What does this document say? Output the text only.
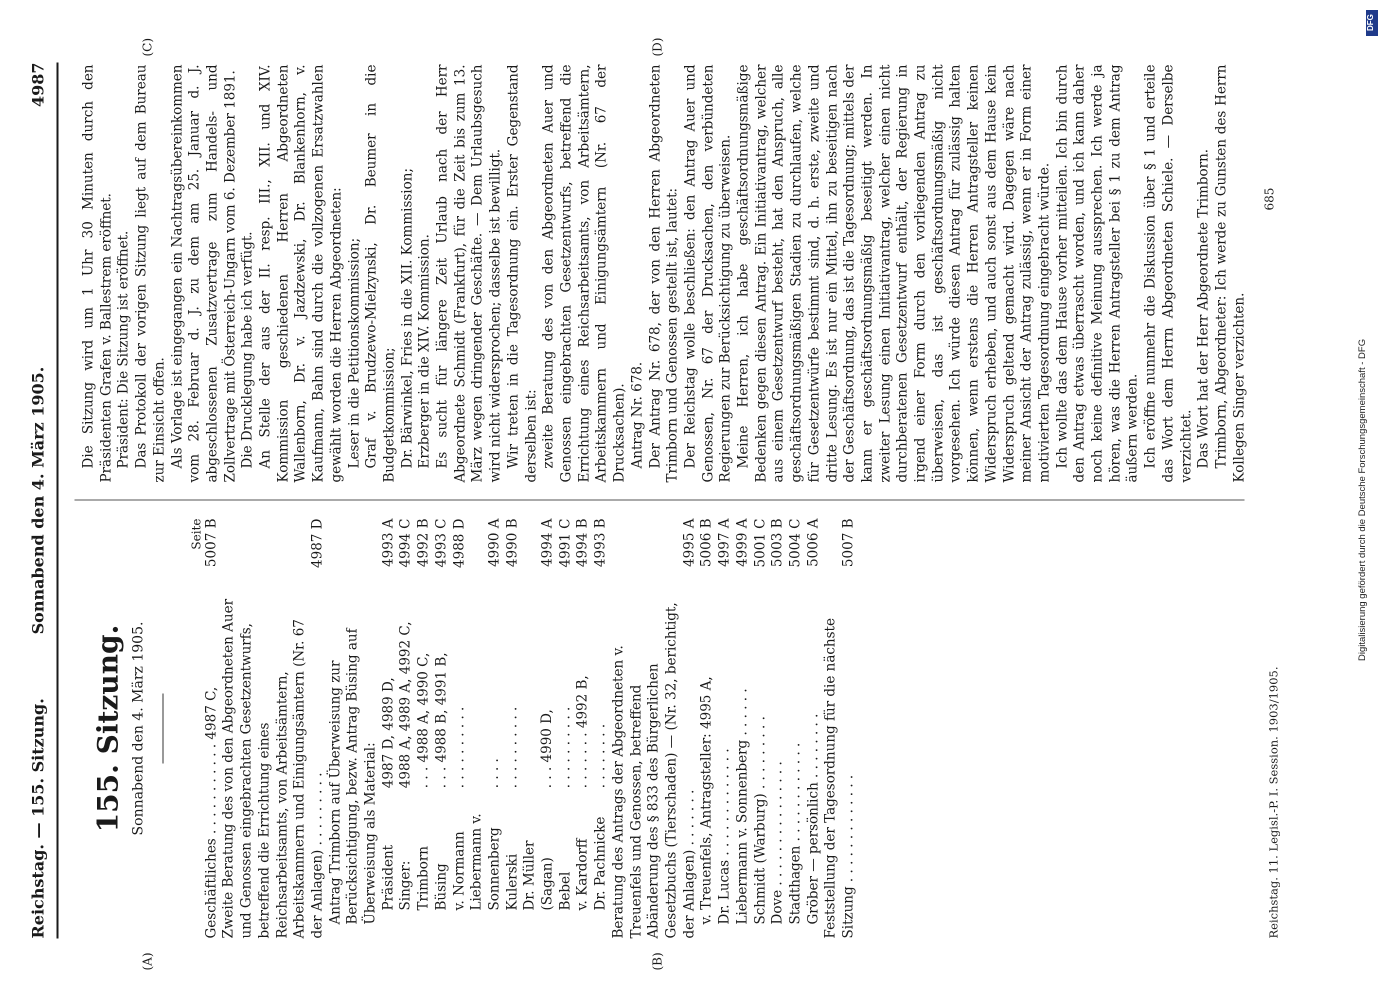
Reichstag. — 155. Sitzung.
Sonnabend den 4. März 1905.
4987
(A)	(B)
(C)	(D)
155. Sitzung. Sonnabend den 4. März 1905.
Seite
Geschäftliches . . . . . . . . . . . 4987 C,
5007 B
Zweite Beratung des von den Abgeordneten Auer und Genossen eingebrachten Gesetzentwurfs, betreffend die Errichtung eines Reichsarbeitsamts, von Arbeitsämtern, Arbeitskammern und Einigungsämtern (Nr. 67 der Anlagen) . . . . . . . . .
4987 D
Antrag Trimborn auf Überweisung zur Berücksichtigung, bezw. Antrag Büsing auf Überweisung als Material: Präsident 4987 D, 4989 D,
4993 A
Singer: 4988 A, 4989 A, 4992 C,
4994 C
Trimborn . . . 4988 A, 4990 C,
4992 B
Büsing . . . 4988 B, 4991 B,
4993 C
v. Normann . . . . . . . . . .
4988 D
Liebermann v. Sonnenberg . . . .
4990 A
Kulerski . . . . . . . . . .
4990 B
Dr. Müller (Sagan) . . . 4990 D,
4994 A
Bebel . . . . . . . . . .
4991 C
v. Kardorff . . . . . . . 4992 B,
4994 B
Dr. Pachnicke . . . . . . . .
4993 B
Beratung des Antrags der Abgeordneten v. Treuenfels und Genossen, betreffend Abänderung des § 833 des Bürgerlichen Gesetzbuchs (Tierschaden) — (Nr. 32, berichtigt, der Anlagen) . . . . . . .
4995 A
v. Treuenfels, Antragsteller: 4995 A,
5006 B
Dr. Lucas . . . . . . . . . . . . .
4997 A
Liebermann v. Sonnenberg . . . . . .
4999 A
Schmidt (Warburg) . . . . . . . . .
5001 C
Dove . . . . . . . . . . . . . . .
5003 B
Stadthagen . . . . . . . . . . . .
5004 C
Gröber — persönlich . . . . . . . .
5006 A
Feststellung der Tagesordnung für die nächste Sitzung . . . . . . . . . . . . .
5007 B
Reichstag. 11. Legisl.-P. I. Session. 1903/1905.
Die Sitzung wird um 1 Uhr 30 Minuten durch den Präsidenten Grafen v. Ballestrem eröffnet. Präsident: Die Sitzung ist eröffnet. Das Protokoll der vorigen Sitzung liegt auf dem Bureau zur Einsicht offen. Als Vorlage ist eingegangen ein Nachtragsübereinkommen vom 28. Februar d. J. zu dem am 25. Januar d. J. abgeschlossenen Zusatzvertrage zum Handels- und Zollvertrage mit Österreich-Ungarn vom 6. Dezember 1891. Die Drucklegung habe ich verfügt. An Stelle der aus der II. resp. III., XII. und XIV. Kommission geschiedenen Herren Abgeordneten Wallenborn, Dr. v. Jazdzewski, Dr. Blankenhorn, v. Kaufmann, Bahn sind durch die vollzogenen Ersatzwahlen gewählt worden die Herren Abgeordneten: Leser in die Petitionskommission; Graf v. Brudzewo-Mielzynski, Dr. Beumer in die Budgetkommission; Dr. Bärwinkel, Fries in die XII. Kommission; Erzberger in die XIV. Kommission. Es sucht für längere Zeit Urlaub nach der Herr Abgeordnete Schmidt (Frankfurt), für die Zeit bis zum 13. März wegen dringender Geschäfte. — Dem Urlaubsgesuch wird nicht widersprochen; dasselbe ist bewilligt. Wir treten in die Tagesordnung ein. Erster Gegenstand derselben ist: zweite Beratung des von den Abgeordneten Auer und Genossen eingebrachten Gesetzentwurfs, betreffend die Errichtung eines Reichsarbeitsamts, von Arbeitsämtern, Arbeitskammern und Einigungsämtern (Nr. 67 der Drucksachen). Antrag Nr. 678. Der Antrag Nr. 678, der von den Herren Abgeordneten Trimborn und Genossen gestellt ist, lautet: Der Reichstag wolle beschließen: den Antrag Auer und Genossen, Nr. 67 der Drucksachen, den verbündeten Regierungen zur Berücksichtigung zu überweisen. Meine Herren, ich habe geschäftsordnungsmäßige Bedenken gegen diesen Antrag. Ein Initiativantrag, welcher aus einem Gesetzentwurf besteht, hat den Anspruch, alle geschäftsordnungsmäßigen Stadien zu durchlaufen, welche für Gesetzentwürfe bestimmt sind, d. h. erste, zweite und dritte Lesung. Es ist nur ein Mittel, ihn zu beseitigen nach der Geschäftsordnung, das ist die Tagesordnung; mittels der kann er geschäftsordnungsmäßig beseitigt werden. In zweiter Lesung einen Initiativantrag, welcher einen nicht durchberatenen Gesetzentwurf enthält, der Regierung in irgend einer Form durch den vorliegenden Antrag zu überweisen, das ist geschäftsordnungsmäßig nicht vorgesehen. Ich würde diesen Antrag für zulässig halten können, wenn erstens die Herren Antragsteller keinen Widerspruch erheben, und auch sonst aus dem Hause kein Widerspruch geltend gemacht wird. Dagegen wäre nach meiner Ansicht der Antrag zulässig, wenn er in Form einer motivierten Tagesordnung eingebracht würde. Ich wollte das dem Hause vorher mitteilen. Ich bin durch den Antrag etwas überrascht worden, und ich kann daher noch keine definitive Meinung aussprechen. Ich werde ja hören, was die Herren Antragsteller bei § 1 zu dem Antrag äußern werden. Ich eröffne nunmehr die Diskussion über § 1 und erteile das Wort dem Herrn Abgeordneten Schiele. — Derselbe verzichtet. Das Wort hat der Herr Abgeordnete Trimborn. Trimborn, Abgeordneter: Ich werde zu Gunsten des Herrn Kollegen Singer verzichten.
685
Digitalisierung gefördert durch die Deutsche Forschungsgemeinschaft - DFG
DFG
